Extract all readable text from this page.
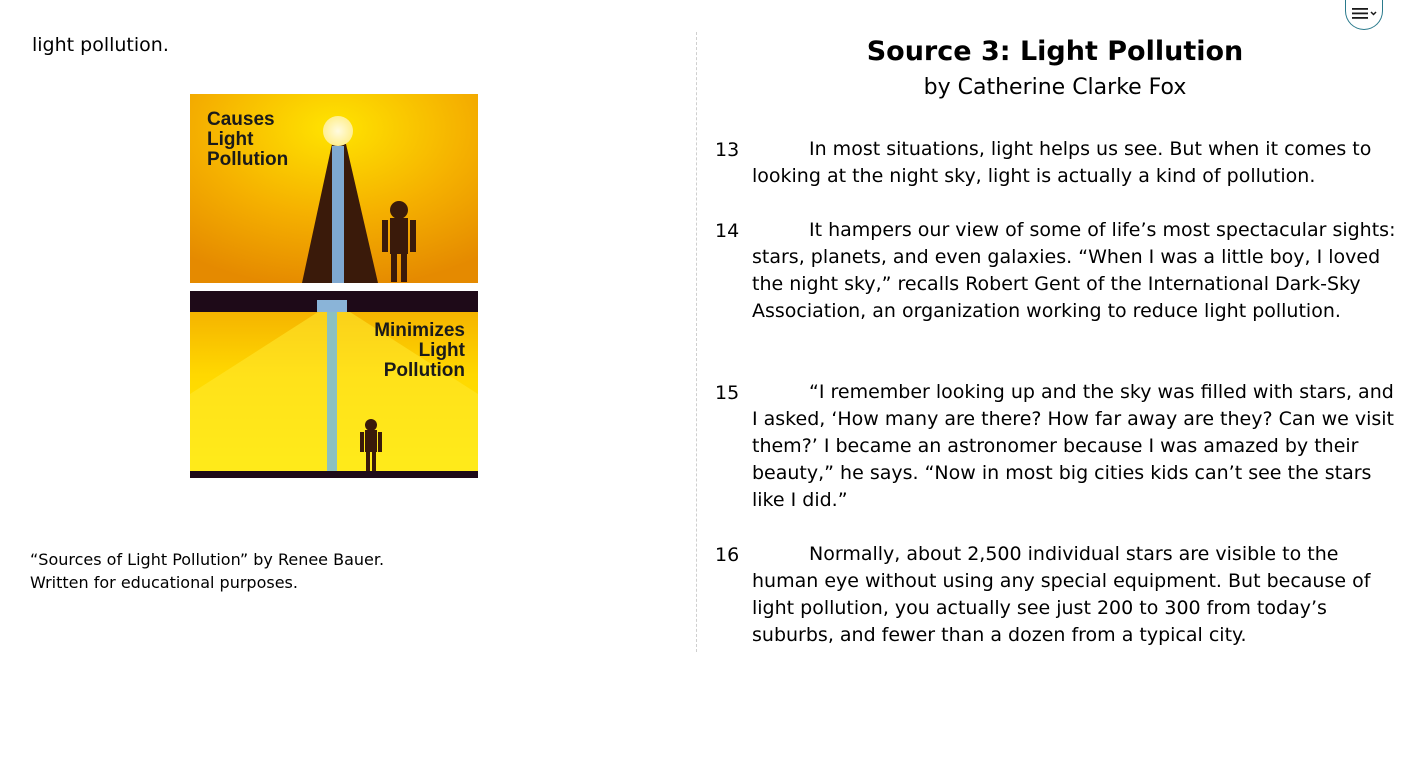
light pollution.

Causes
Light
Pollution
Minimizes
Light
Pollution
“Sources of Light Pollution” by Renee Bauer.
Written for educational purposes.
Source 3: Light Pollution

by Catherine Clarke Fox

13	In most situations, light helps us see. But when it comes to looking at the night sky, light is actually a kind of pollution.
14	It hampers our view of some of life’s most spectacular sights: stars, planets, and even galaxies. “When I was a little boy, I loved the night sky,” recalls Robert Gent of the International Dark-Sky Association, an organization working to reduce light pollution.
15	“I remember looking up and the sky was filled with stars, and I asked, ‘How many are there? How far away are they? Can we visit them?’ I became an astronomer because I was amazed by their beauty,” he says. “Now in most big cities kids can’t see the stars like I did.”
16	Normally, about 2,500 individual stars are visible to the human eye without using any special equipment. But because of light pollution, you actually see just 200 to 300 from today’s suburbs, and fewer than a dozen from a typical city.
